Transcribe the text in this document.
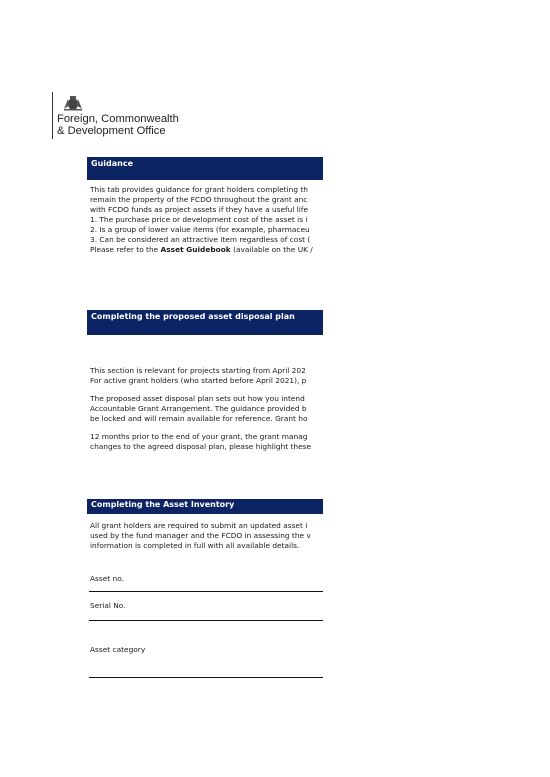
Foreign, Commonwealth
& Development Office
Guidance
This tab provides guidance for grant holders completing th
remain the property of the FCDO throughout the grant anc
with FCDO funds as project assets if they have a useful life
1. The purchase price or development cost of the asset is i
2. Is a group of lower value items (for example, pharmaceu
3. Can be considered an attractive item regardless of cost (
Please refer to the Asset Guidebook (available on the UK /
Completing the proposed asset disposal plan
This section is relevant for projects starting from April 202
For active grant holders (who started before April 2021), p
The proposed asset disposal plan sets out how you intend
Accountable Grant Arrangement. The guidance provided b
be locked and will remain available for reference. Grant ho
12 months prior to the end of your grant, the grant manag
changes to the agreed disposal plan, please highlight these
Completing the Asset Inventory
All grant holders are required to submit an updated asset i
used by the fund manager and the FCDO in assessing the v
information is completed in full with all available details.
Asset no.
Serial No.
Asset category
